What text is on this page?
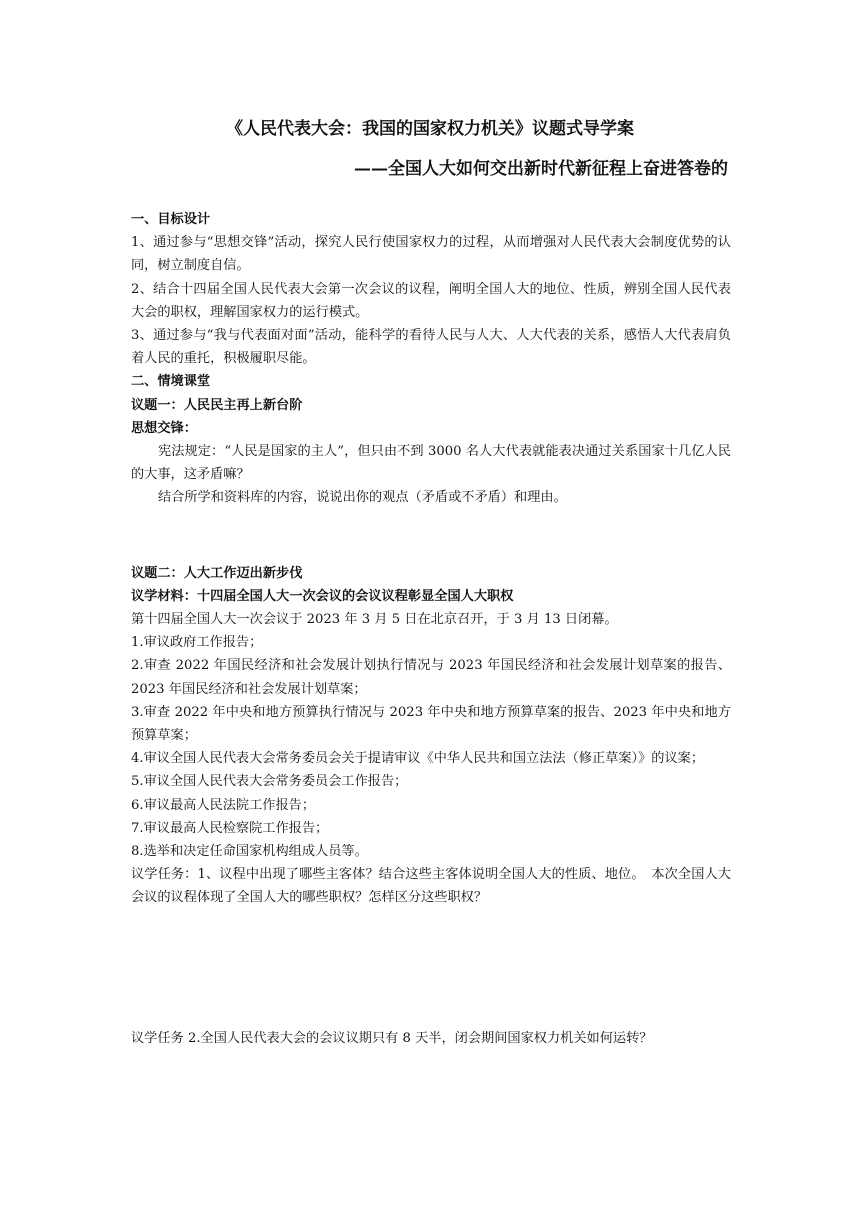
《人民代表大会：我国的国家权力机关》议题式导学案
——全国人大如何交出新时代新征程上奋进答卷的

一、目标设计

1、通过参与“思想交锋”活动，探究人民行使国家权力的过程，从而增强对人民代表大会制度优势的认同，树立制度自信。

2、结合十四届全国人民代表大会第一次会议的议程，阐明全国人大的地位、性质，辨别全国人民代表大会的职权，理解国家权力的运行模式。

3、通过参与“我与代表面对面”活动，能科学的看待人民与人大、人大代表的关系，感悟人大代表肩负着人民的重托，积极履职尽能。

二、情境课堂

议题一：人民民主再上新台阶

思想交锋：

宪法规定：“人民是国家的主人”，但只由不到 3000 名人大代表就能表决通过关系国家十几亿人民的大事，这矛盾嘛？

结合所学和资料库的内容，说说出你的观点（矛盾或不矛盾）和理由。

议题二：人大工作迈出新步伐

议学材料：十四届全国人大一次会议的会议议程彰显全国人大职权

第十四届全国人大一次会议于 2023 年 3 月 5 日在北京召开，于 3 月 13 日闭幕。

1.审议政府工作报告；

2.审查 2022 年国民经济和社会发展计划执行情况与 2023 年国民经济和社会发展计划草案的报告、2023 年国民经济和社会发展计划草案；

3.审查 2022 年中央和地方预算执行情况与 2023 年中央和地方预算草案的报告、2023 年中央和地方预算草案；

4.审议全国人民代表大会常务委员会关于提请审议《中华人民共和国立法法（修正草案）》的议案；

5.审议全国人民代表大会常务委员会工作报告；

6.审议最高人民法院工作报告；

7.审议最高人民检察院工作报告；

8.选举和决定任命国家机构组成人员等。

议学任务：1、议程中出现了哪些主客体？结合这些主客体说明全国人大的性质、地位。　本次全国人大会议的议程体现了全国人大的哪些职权？怎样区分这些职权？

议学任务 2.全国人民代表大会的会议议期只有 8 天半，闭会期间国家权力机关如何运转？
